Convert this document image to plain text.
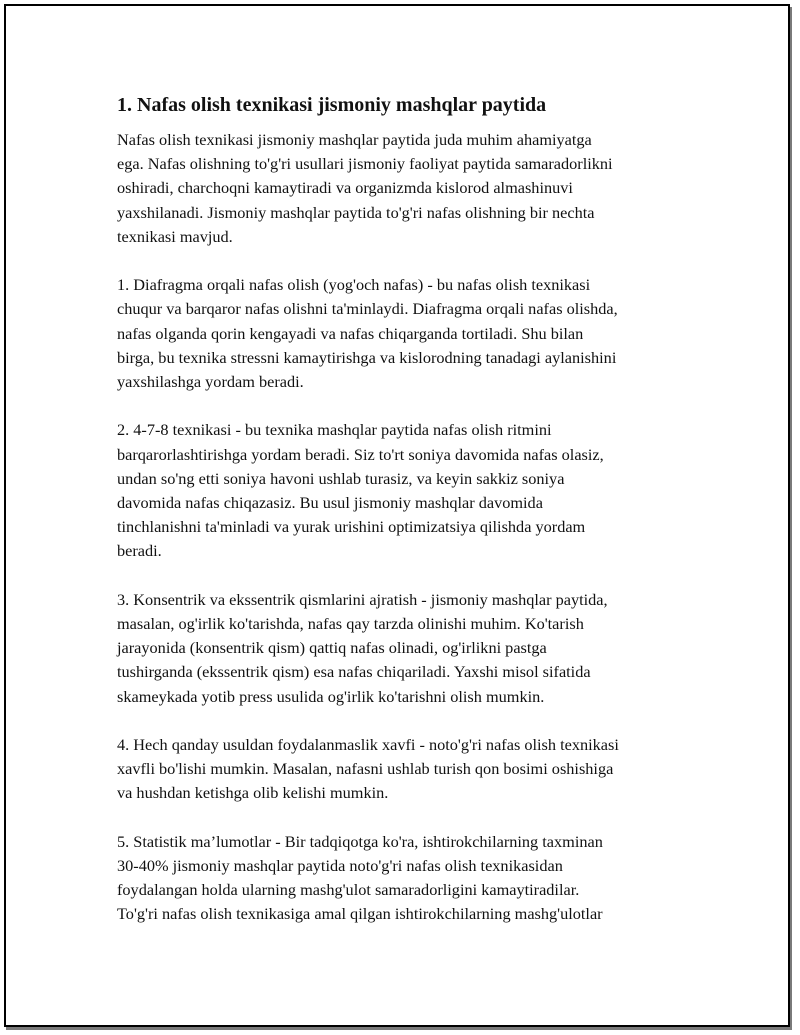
1. Nafas olish texnikasi jismoniy mashqlar paytida
Nafas olish texnikasi jismoniy mashqlar paytida juda muhim ahamiyatga
ega. Nafas olishning to'g'ri usullari jismoniy faoliyat paytida samaradorlikni
oshiradi, charchoqni kamaytiradi va organizmda kislorod almashinuvi
yaxshilanadi. Jismoniy mashqlar paytida to'g'ri nafas olishning bir nechta
texnikasi mavjud.
1. Diafragma orqali nafas olish (yog'och nafas) - bu nafas olish texnikasi
chuqur va barqaror nafas olishni ta'minlaydi. Diafragma orqali nafas olishda,
nafas olganda qorin kengayadi va nafas chiqarganda tortiladi. Shu bilan
birga, bu texnika stressni kamaytirishga va kislorodning tanadagi aylanishini
yaxshilashga yordam beradi.
2. 4-7-8 texnikasi - bu texnika mashqlar paytida nafas olish ritmini
barqarorlashtirishga yordam beradi. Siz to'rt soniya davomida nafas olasiz,
undan so'ng etti soniya havoni ushlab turasiz, va keyin sakkiz soniya
davomida nafas chiqazasiz. Bu usul jismoniy mashqlar davomida
tinchlanishni ta'minladi va yurak urishini optimizatsiya qilishda yordam
beradi.
3. Konsentrik va ekssentrik qismlarini ajratish - jismoniy mashqlar paytida,
masalan, og'irlik ko'tarishda, nafas qay tarzda olinishi muhim. Ko'tarish
jarayonida (konsentrik qism) qattiq nafas olinadi, og'irlikni pastga
tushirganda (ekssentrik qism) esa nafas chiqariladi. Yaxshi misol sifatida
skameykada yotib press usulida og'irlik ko'tarishni olish mumkin.
4. Hech qanday usuldan foydalanmaslik xavfi - noto'g'ri nafas olish texnikasi
xavfli bo'lishi mumkin. Masalan, nafasni ushlab turish qon bosimi oshishiga
va hushdan ketishga olib kelishi mumkin.
5. Statistik ma’lumotlar - Bir tadqiqotga ko'ra, ishtirokchilarning taxminan
30-40% jismoniy mashqlar paytida noto'g'ri nafas olish texnikasidan
foydalangan holda ularning mashg'ulot samaradorligini kamaytiradilar.
To'g'ri nafas olish texnikasiga amal qilgan ishtirokchilarning mashg'ulotlar
